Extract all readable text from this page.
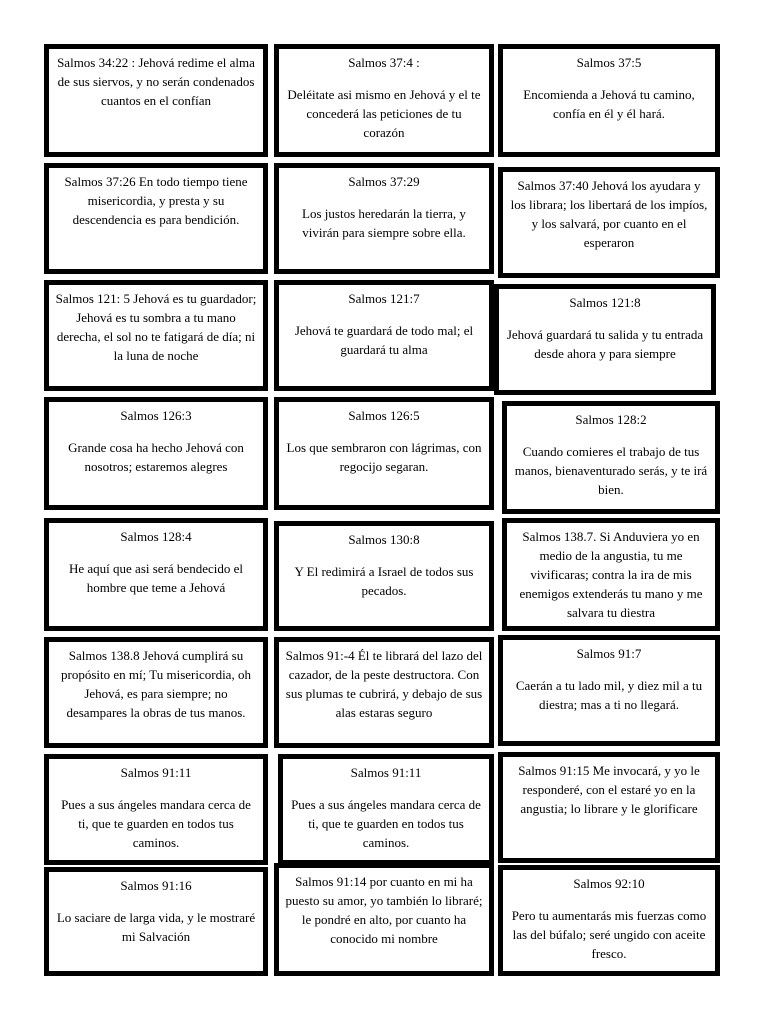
Salmos 34:22 : Jehová redime el alma de sus siervos, y no serán condenados cuantos en el confían
Salmos 37:4 :
Deléitate asi mismo en Jehová y el te concederá las peticiones de tu corazón
Salmos 37:5
Encomienda a Jehová tu camino, confía en él y él hará.
Salmos 37:26 En todo tiempo tiene misericordia, y presta y su descendencia es para bendición.
Salmos 37:29
Los justos heredarán la tierra, y vivirán para siempre sobre ella.
Salmos 37:40 Jehová los ayudara y los librara; los libertará de los impíos, y los salvará, por cuanto en el esperaron
Salmos 121: 5 Jehová es tu guardador; Jehová es tu sombra a tu mano derecha, el sol no te fatigará de día; ni la luna de noche
Salmos 121:7
Jehová te guardará de todo mal; el guardará tu alma
Salmos 121:8
Jehová guardará tu salida y tu entrada desde ahora y para siempre
Salmos 126:3
Grande cosa ha hecho Jehová con nosotros; estaremos alegres
Salmos 126:5
Los que sembraron con lágrimas, con regocijo segaran.
Salmos 128:2
Cuando comieres el trabajo de tus manos, bienaventurado serás, y te irá bien.
Salmos 128:4
He aquí que asi será bendecido el hombre que teme a Jehová
Salmos 130:8
Y El redimirá a Israel de todos sus pecados.
Salmos 138.7. Si Anduviera yo en medio de la angustia, tu me vivificaras; contra la ira de mis enemigos extenderás tu mano y me salvara tu diestra
Salmos 138.8 Jehová cumplirá su propósito en mí; Tu misericordia, oh Jehová, es para siempre; no desampares la obras de tus manos.
Salmos 91:-4 Él te librará del lazo del cazador, de la peste destructora. Con sus plumas te cubrirá, y debajo de sus alas estaras seguro
Salmos 91:7
Caerán a tu lado mil, y diez mil a tu diestra; mas a ti no llegará.
Salmos 91:11
Pues a sus ángeles mandara cerca de ti, que te guarden en todos tus caminos.
Salmos 91:11
Pues a sus ángeles mandara cerca de ti, que te guarden en todos tus caminos.
Salmos 91:15 Me invocará, y yo le responderé, con el estaré yo en la angustia; lo librare y le glorificare
Salmos 91:16
Lo saciare de larga vida, y le mostraré mi Salvación
Salmos 91:14 por cuanto en mi ha puesto su amor, yo también lo libraré; le pondré en alto, por cuanto ha conocido mi nombre
Salmos 92:10
Pero tu aumentarás mis fuerzas como las del búfalo; seré ungido con aceite fresco.
